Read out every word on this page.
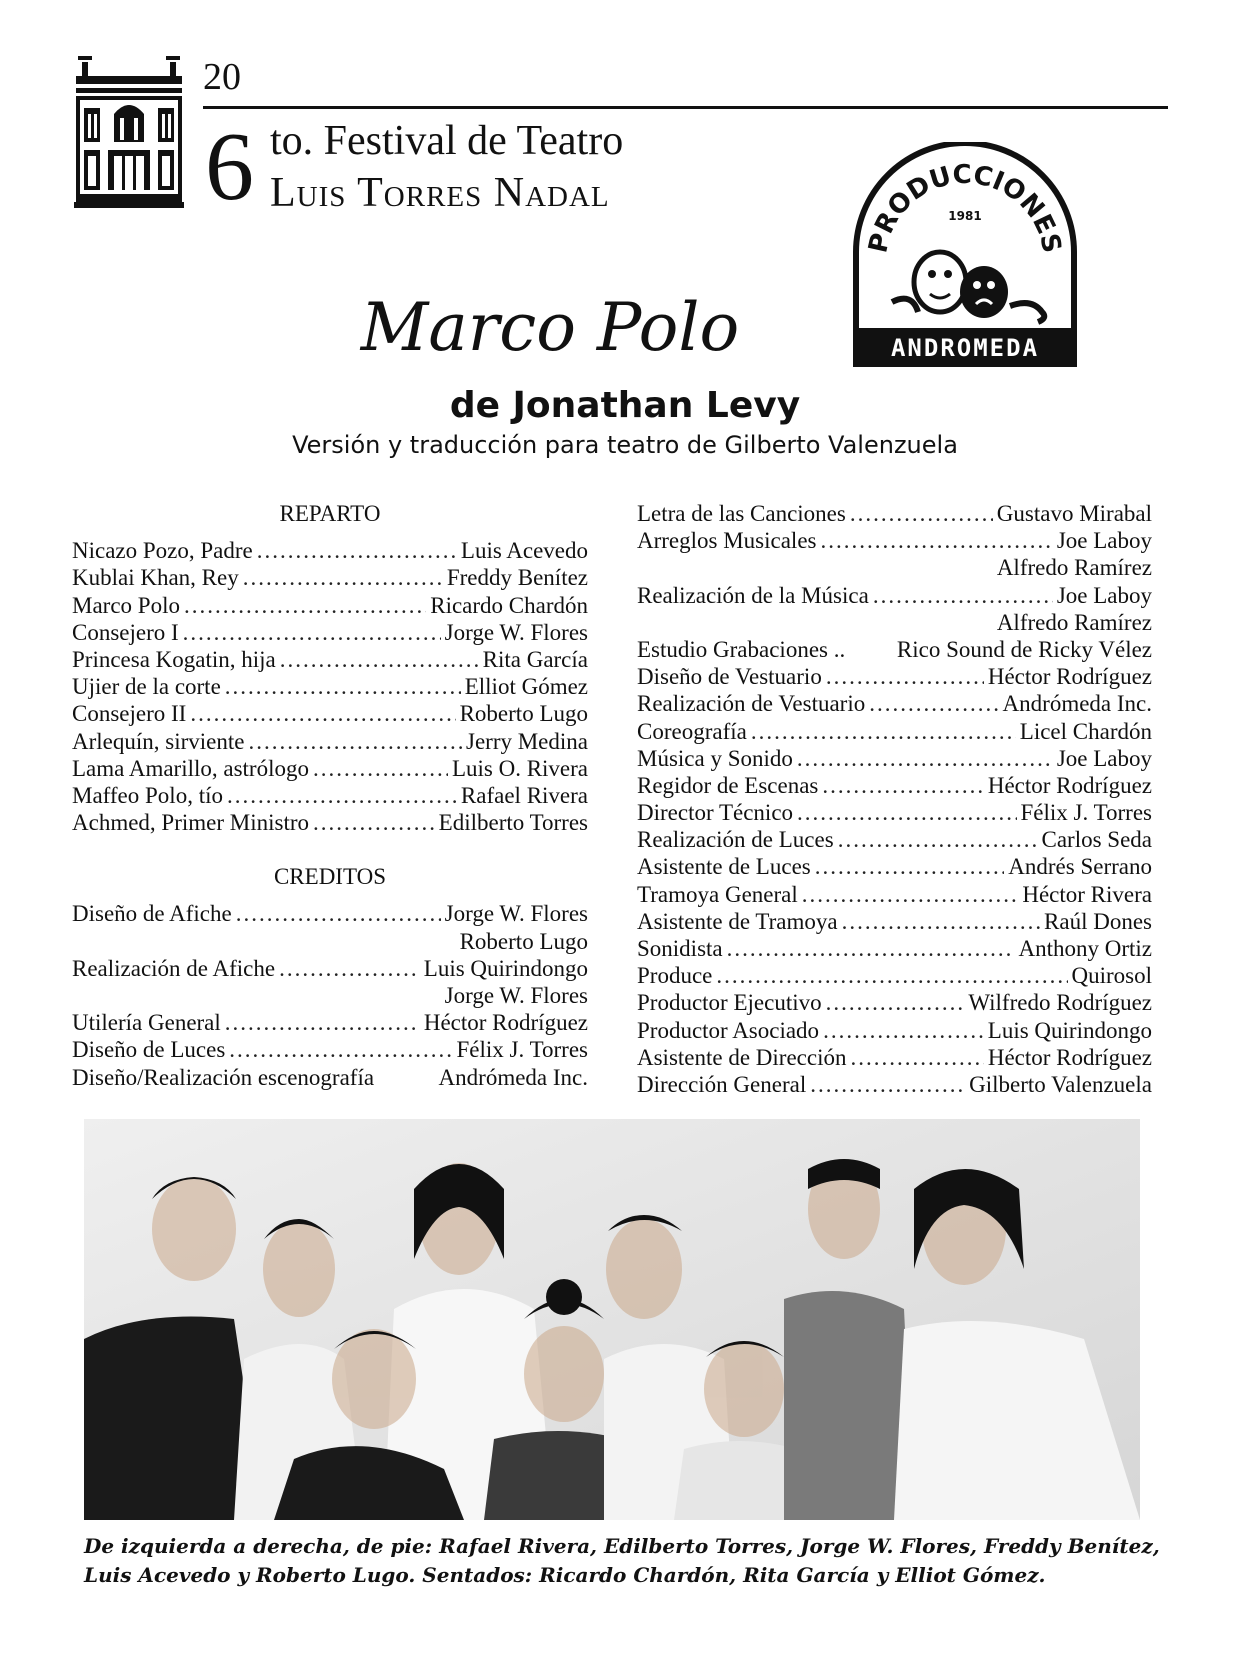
20
6 to. Festival de Teatro
Luis Torres Nadal
PRODUCCIONES
1981
ANDROMEDA
Marco Polo
de Jonathan Levy
Versión y traducción para teatro de Gilberto Valenzuela
REPARTO
Nicazo Pozo, Padre .....	Luis Acevedo
Kublai Khan, Rey .....	Freddy Benítez
Marco Polo .....	Ricardo Chardón
Consejero I .....	Jorge W. Flores
Princesa Kogatin, hija .....	Rita García
Ujier de la corte .....	Elliot Gómez
Consejero II .....	Roberto Lugo
Arlequín, sirviente .....	Jerry Medina
Lama Amarillo, astrólogo .....	Luis O. Rivera
Maffeo Polo, tío .....	Rafael Rivera
Achmed, Primer Ministro .....	Edilberto Torres
CREDITOS
Diseño de Afiche .....	Jorge W. Flores
Roberto Lugo
Realización de Afiche .....	Luis Quirindongo
Jorge W. Flores
Utilería General .....	Héctor Rodríguez
Diseño de Luces .....	Félix J. Torres
Diseño/Realización escenografía	Andrómeda Inc.
Letra de las Canciones .....	Gustavo Mirabal
Arreglos Musicales .....	Joe Laboy
Alfredo Ramírez
Realización de la Música .....	Joe Laboy
Alfredo Ramírez
Estudio Grabaciones .. Rico Sound de Ricky Vélez
Diseño de Vestuario .....	Héctor Rodríguez
Realización de Vestuario .....	Andrómeda Inc.
Coreografía .....	Licel Chardón
Música y Sonido .....	Joe Laboy
Regidor de Escenas .....	Héctor Rodríguez
Director Técnico .....	Félix J. Torres
Realización de Luces .....	Carlos Seda
Asistente de Luces .....	Andrés Serrano
Tramoya General .....	Héctor Rivera
Asistente de Tramoya .....	Raúl Dones
Sonidista .....	Anthony Ortiz
Produce .....	Quirosol
Productor Ejecutivo .....	Wilfredo Rodríguez
Productor Asociado .....	Luis Quirindongo
Asistente de Dirección .....	Héctor Rodríguez
Dirección General .....	Gilberto Valenzuela
De izquierda a derecha, de pie: Rafael Rivera, Edilberto Torres, Jorge W. Flores, Freddy Benítez, Luis Acevedo y Roberto Lugo. Sentados: Ricardo Chardón, Rita García y Elliot Gómez.
